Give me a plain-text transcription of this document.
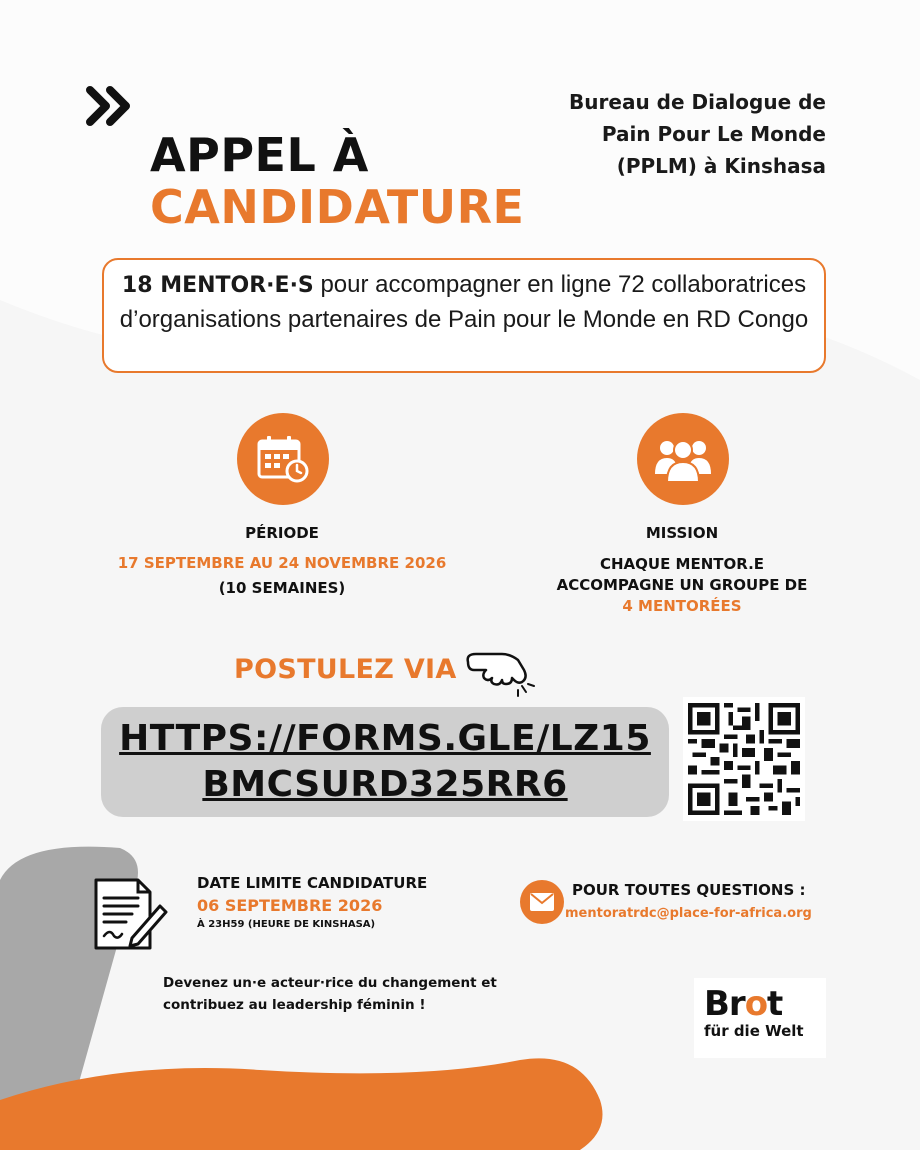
APPEL À
CANDIDATURE
Bureau de Dialogue de
Pain Pour Le Monde
(PPLM) à Kinshasa
18 MENTOR·E·S pour accompagner en ligne 72 collaboratrices d’organisations partenaires de Pain pour le Monde en RD Congo
PÉRIODE
17 SEPTEMBRE AU 24 NOVEMBRE 2026
(10 SEMAINES)
MISSION
CHAQUE MENTOR.E
ACCOMPAGNE UN GROUPE DE
4 MENTORÉES
POSTULEZ VIA
HTTPS://FORMS.GLE/LZ15
BMCSURD325RR6
DATE LIMITE CANDIDATURE
06 SEPTEMBRE 2026
À 23H59 (HEURE DE KINSHASA)
POUR TOUTES QUESTIONS :
mentoratrdc@place-for-africa.org
Devenez un·e acteur·rice du changement et
contribuez au leadership féminin !	Brot
für die Welt
